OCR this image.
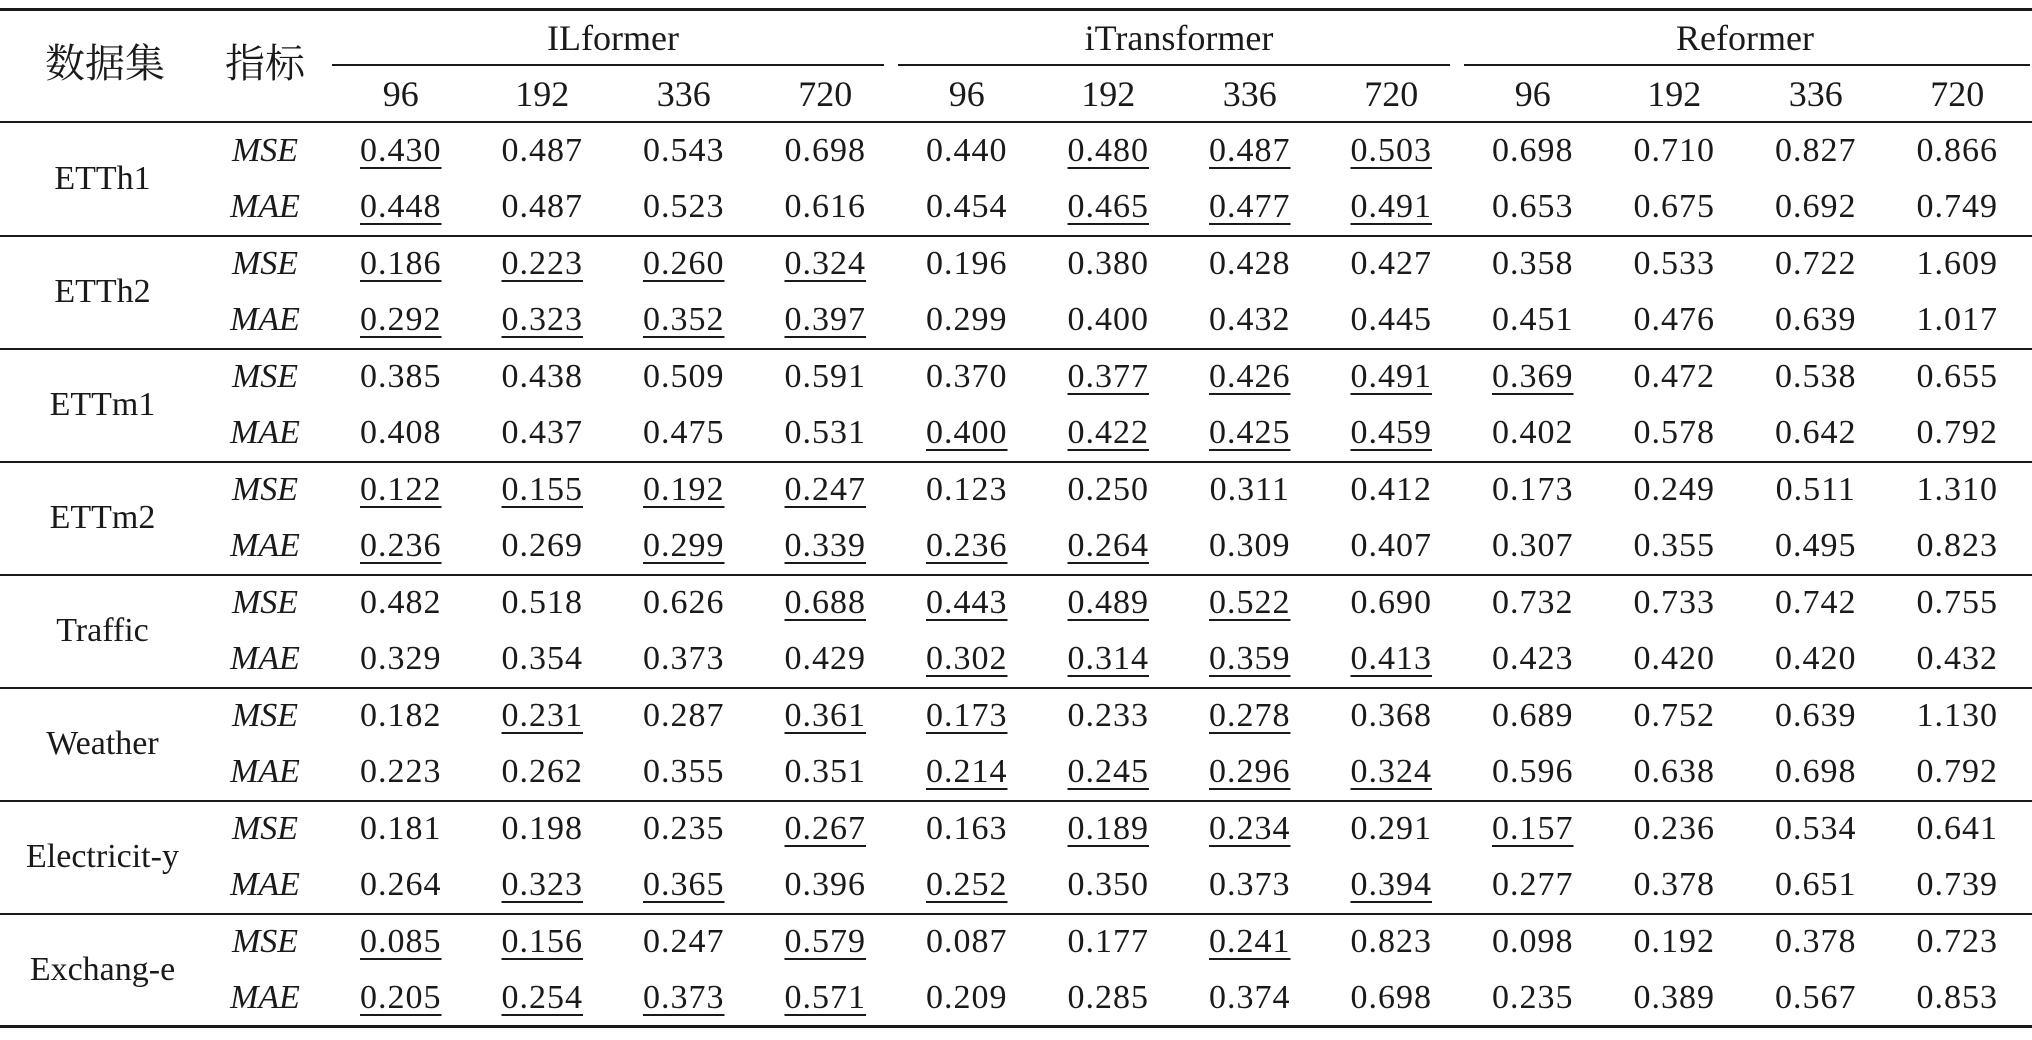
数据集	指标
ILformer	iTransformer	Reformer
96	192	336	720	96	192	336	720	96	192	336	720
ETTh1
MSE	0.430	0.487	0.543	0.698	0.440	0.480	0.487	0.503	0.698	0.710	0.827	0.866
MAE	0.448	0.487	0.523	0.616	0.454	0.465	0.477	0.491	0.653	0.675	0.692	0.749
ETTh2
MSE	0.186	0.223	0.260	0.324	0.196	0.380	0.428	0.427	0.358	0.533	0.722	1.609
MAE	0.292	0.323	0.352	0.397	0.299	0.400	0.432	0.445	0.451	0.476	0.639	1.017
ETTm1
MSE	0.385	0.438	0.509	0.591	0.370	0.377	0.426	0.491	0.369	0.472	0.538	0.655
MAE	0.408	0.437	0.475	0.531	0.400	0.422	0.425	0.459	0.402	0.578	0.642	0.792
ETTm2
MSE	0.122	0.155	0.192	0.247	0.123	0.250	0.311	0.412	0.173	0.249	0.511	1.310
MAE	0.236	0.269	0.299	0.339	0.236	0.264	0.309	0.407	0.307	0.355	0.495	0.823
Traffic
MSE	0.482	0.518	0.626	0.688	0.443	0.489	0.522	0.690	0.732	0.733	0.742	0.755
MAE	0.329	0.354	0.373	0.429	0.302	0.314	0.359	0.413	0.423	0.420	0.420	0.432
Weather
MSE	0.182	0.231	0.287	0.361	0.173	0.233	0.278	0.368	0.689	0.752	0.639	1.130
MAE	0.223	0.262	0.355	0.351	0.214	0.245	0.296	0.324	0.596	0.638	0.698	0.792
Electricit-y
MSE	0.181	0.198	0.235	0.267	0.163	0.189	0.234	0.291	0.157	0.236	0.534	0.641
MAE	0.264	0.323	0.365	0.396	0.252	0.350	0.373	0.394	0.277	0.378	0.651	0.739
Exchang-e
MSE	0.085	0.156	0.247	0.579	0.087	0.177	0.241	0.823	0.098	0.192	0.378	0.723
MAE	0.205	0.254	0.373	0.571	0.209	0.285	0.374	0.698	0.235	0.389	0.567	0.853
